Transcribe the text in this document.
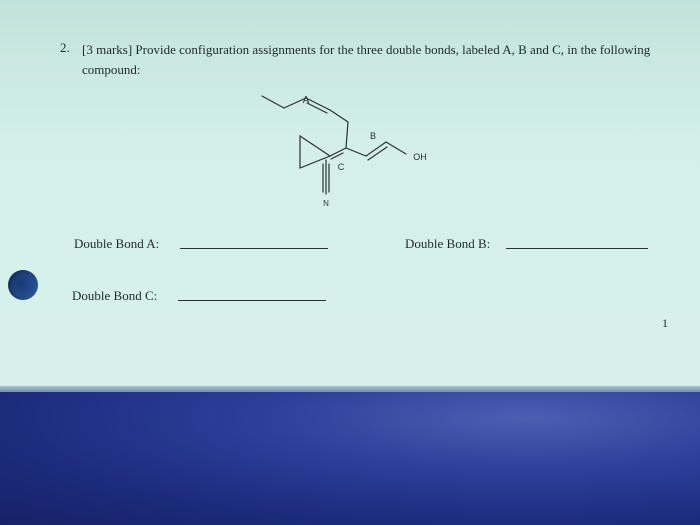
2. [3 marks] Provide configuration assignments for the three double bonds, labeled A, B and C, in the following compound:
A
B
C
OH
N
Double Bond A:	Double Bond B:
Double Bond C:
1
